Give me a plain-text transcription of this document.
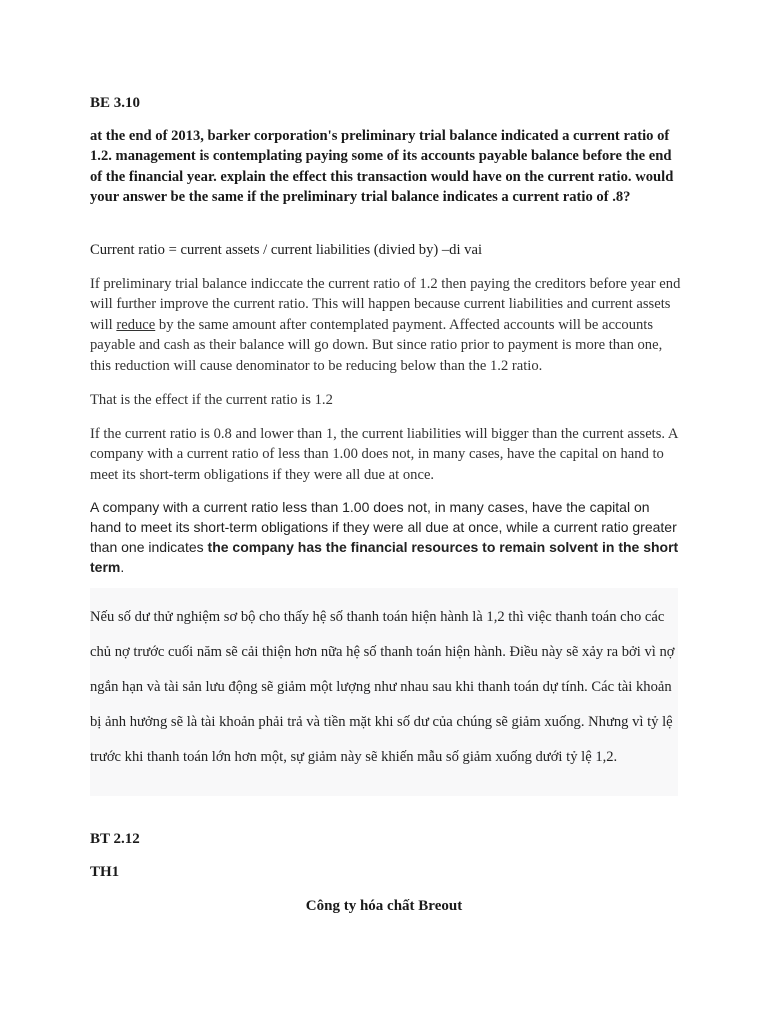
BE 3.10

at the end of 2013, barker corporation's preliminary trial balance indicated a current ratio of 1.2. management is contemplating paying some of its accounts payable balance before the end of the financial year. explain the effect this transaction would have on the current ratio. would your answer be the same if the preliminary trial balance indicates a current ratio of .8?

Current ratio = current assets / current liabilities (divied by) –di vai

If preliminary trial balance indiccate the current ratio of 1.2 then paying the creditors before year end will further improve the current ratio. This will happen because current liabilities and current assets will reduce by the same amount after contemplated payment. Affected accounts will be accounts payable and cash as their balance will go down. But since ratio prior to payment is more than one, this reduction will cause denominator to be reducing below than the 1.2 ratio.

That is the effect if the current ratio is 1.2

If the current ratio is 0.8 and lower than 1, the current liabilities will bigger than the current assets. A company with a current ratio of less than 1.00 does not, in many cases, have the capital on hand to meet its short-term obligations if they were all due at once.

A company with a current ratio less than 1.00 does not, in many cases, have the capital on hand to meet its short-term obligations if they were all due at once, while a current ratio greater than one indicates the company has the financial resources to remain solvent in the short term.

Nếu số dư thử nghiệm sơ bộ cho thấy hệ số thanh toán hiện hành là 1,2 thì việc thanh toán cho các chủ nợ trước cuối năm sẽ cải thiện hơn nữa hệ số thanh toán hiện hành. Điều này sẽ xảy ra bởi vì nợ ngắn hạn và tài sản lưu động sẽ giảm một lượng như nhau sau khi thanh toán dự tính. Các tài khoản bị ảnh hưởng sẽ là tài khoản phải trả và tiền mặt khi số dư của chúng sẽ giảm xuống. Nhưng vì tỷ lệ trước khi thanh toán lớn hơn một, sự giảm này sẽ khiến mẫu số giảm xuống dưới tỷ lệ 1,2.

BT 2.12

TH1

Công ty hóa chất Breout
